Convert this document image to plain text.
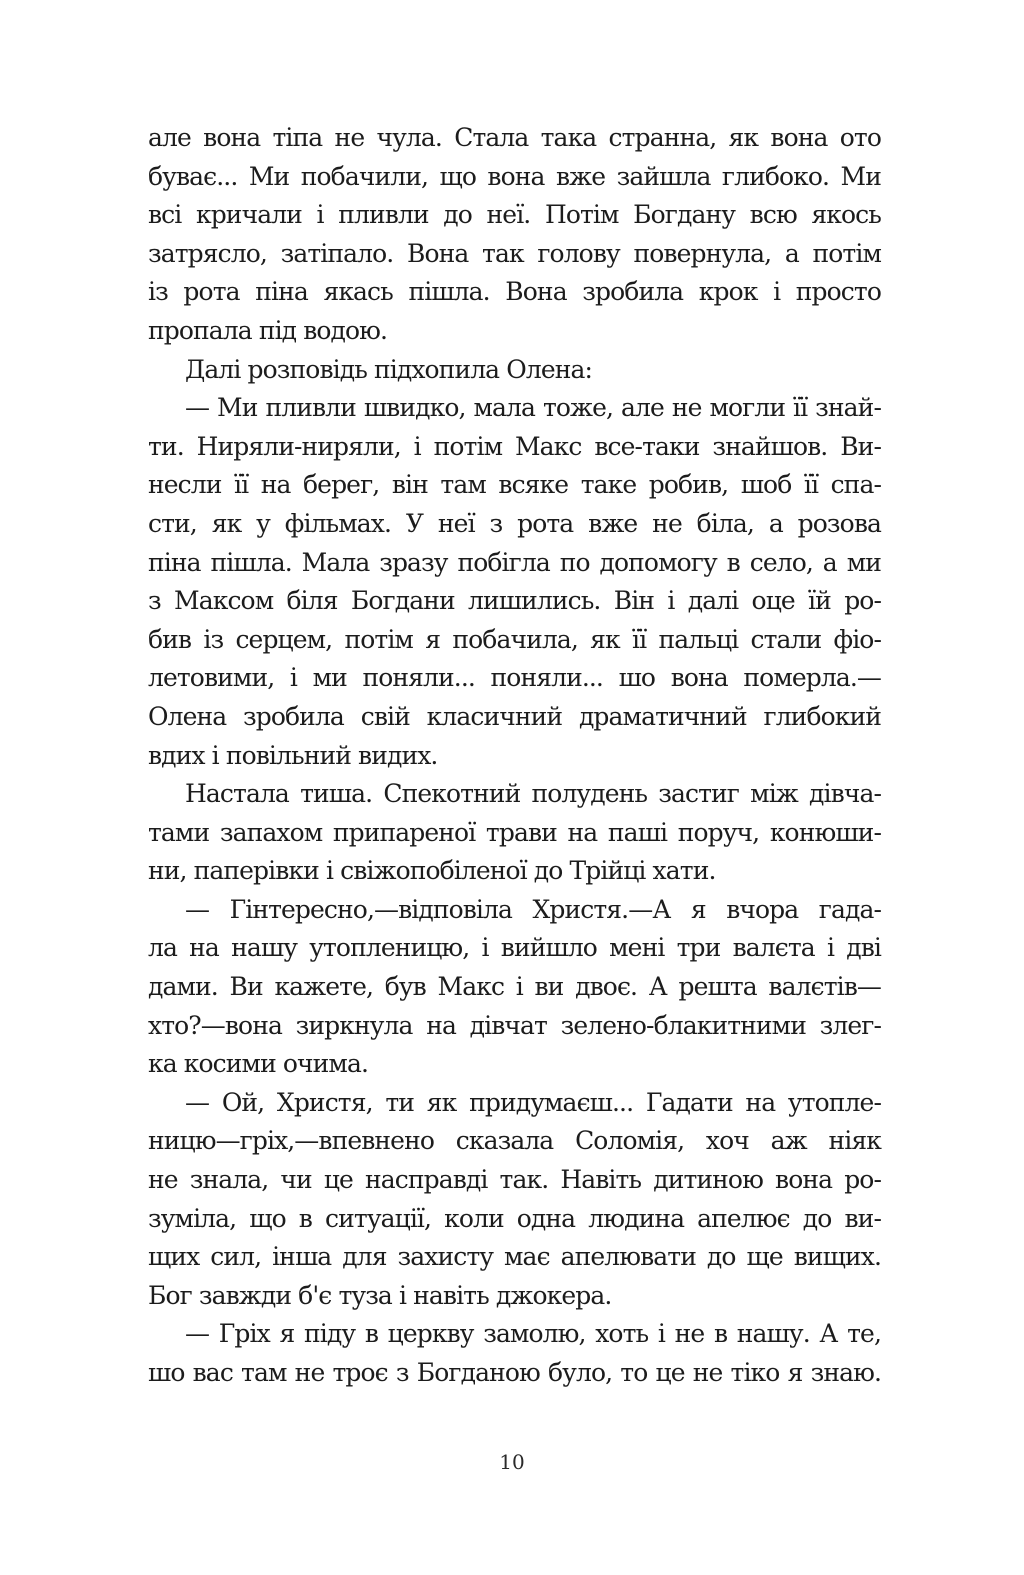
але вона тіпа не чула. Стала така странна, як вона ото
буває... Ми побачили, що вона вже зайшла глибоко. Ми
всі кричали і пливли до неї. Потім Богдану всю якось
затрясло, затіпало. Вона так голову повернула, а потім
із рота піна якась пішла. Вона зробила крок і просто
пропала під водою.
Далі розповідь підхопила Олена:
— Ми пливли швидко, мала тоже, але не могли її знай-
ти. Ниряли-ниряли, і потім Макс все-таки знайшов. Ви-
несли її на берег, він там всяке таке робив, шоб її спа-
сти, як у фільмах. У неї з рота вже не біла, а розова
піна пішла. Мала зразу побігла по допомогу в село, а ми
з Максом біля Богдани лишились. Він і далі оце їй ро-
бив із серцем, потім я побачила, як її пальці стали фіо-
летовими, і ми поняли... поняли... шо вона померла.—
Олена зробила свій класичний драматичний глибокий
вдих і повільний видих.
Настала тиша. Спекотний полудень застиг між дівча-
тами запахом припареної трави на паші поруч, конюши-
ни, паперівки і свіжопобіленої до Трійці хати.
— Гінтересно,—відповіла Христя.—А я вчора гада-
ла на нашу утопленицю, і вийшло мені три валєта і дві
дами. Ви кажете, був Макс і ви двоє. А решта валєтів—
хто?—вона зиркнула на дівчат зелено-блакитними злег-
ка косими очима.
— Ой, Христя, ти як придумаєш... Гадати на утопле-
ницю—гріх,—впевнено сказала Соломія, хоч аж ніяк
не знала, чи це насправді так. Навіть дитиною вона ро-
зуміла, що в ситуації, коли одна людина апелює до ви-
щих сил, інша для захисту має апелювати до ще вищих.
Бог завжди б'є туза і навіть джокера.
— Гріх я піду в церкву замолю, хоть і не в нашу. А те,
шо вас там не троє з Богданою було, то це не тіко я знаю.
10
